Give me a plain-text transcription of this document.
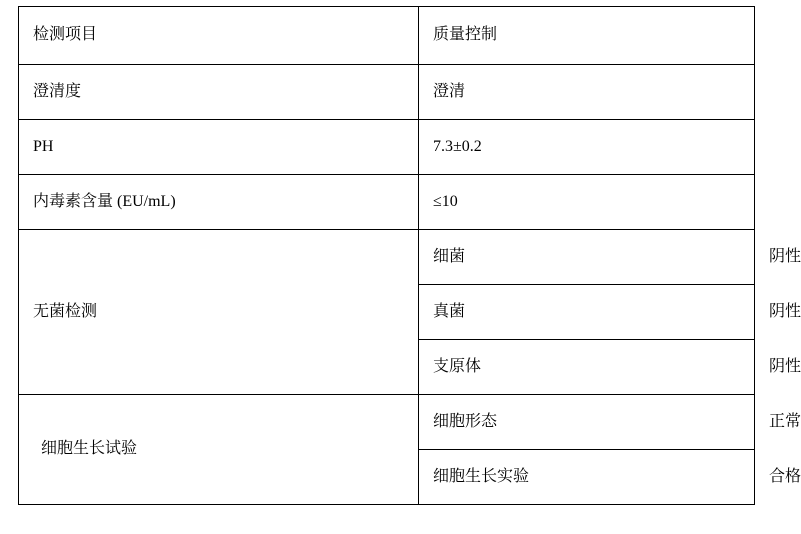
检测项目	质量控制	
澄清度	澄清	
PH	7.3±0.2	
内毒素含量 (EU/mL)	≤10	
无菌检测	细菌	阴性
	真菌	阴性
	支原体	阴性
细胞生长试验	细胞形态	正常
	细胞生长实验	合格
